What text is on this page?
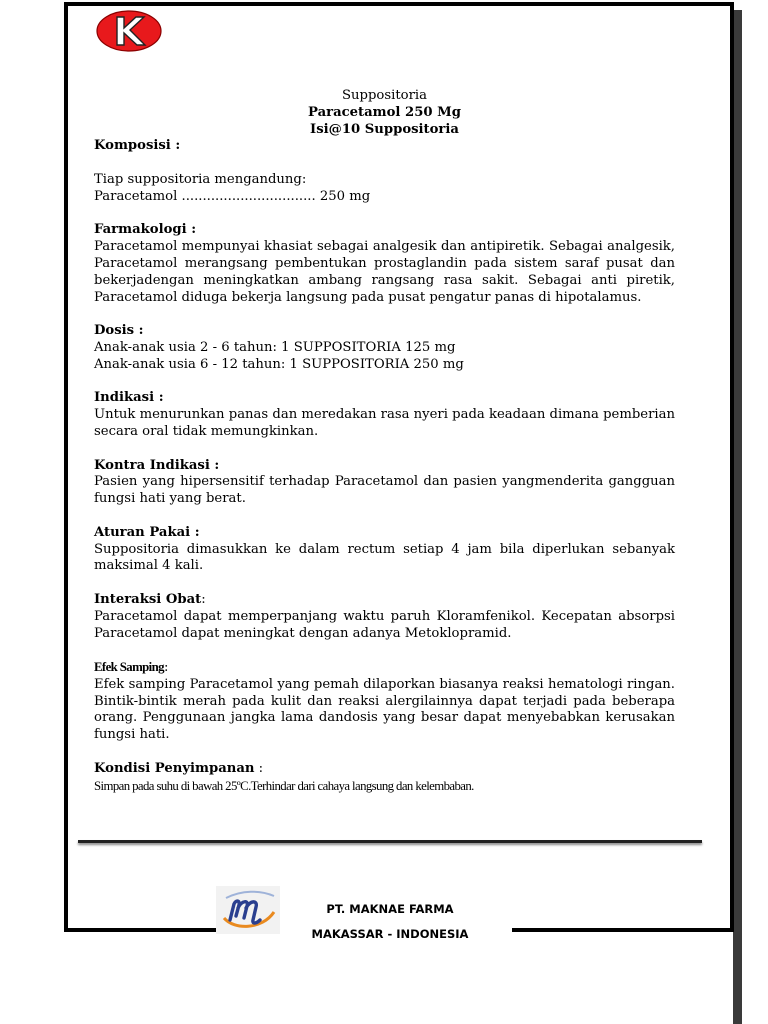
Suppositoria
Paracetamol 250 Mg
Isi@10 Suppositoria
Komposisi :
Tiap suppositoria mengandung:
Paracetamol ................................ 250 mg
Farmakologi :
Paracetamol mempunyai khasiat sebagai analgesik dan antipiretik. Sebagai analgesik, Paracetamol merangsang pembentukan prostaglandin pada sistem saraf pusat dan bekerjadengan meningkatkan ambang rangsang rasa sakit. Sebagai anti piretik, Paracetamol diduga bekerja langsung pada pusat pengatur panas di hipotalamus.
Dosis :
Anak-anak usia 2 - 6 tahun: 1 SUPPOSITORIA 125 mg
Anak-anak usia 6 - 12 tahun: 1 SUPPOSITORIA 250 mg
Indikasi :
Untuk menurunkan panas dan meredakan rasa nyeri pada keadaan dimana pemberian secara oral tidak memungkinkan.
Kontra Indikasi :
Pasien yang hipersensitif terhadap Paracetamol dan pasien yangmenderita gangguan fungsi hati yang berat.
Aturan Pakai :
Suppositoria dimasukkan ke dalam rectum setiap 4 jam bila diperlukan sebanyak maksimal 4 kali.
Interaksi Obat:
Paracetamol dapat memperpanjang waktu paruh Kloramfenikol. Kecepatan absorpsi Paracetamol dapat meningkat dengan adanya Metoklopramid.
Efek Samping:
Efek samping Paracetamol yang pemah dilaporkan biasanya reaksi hematologi ringan. Bintik-bintik merah pada kulit dan reaksi alergilainnya dapat terjadi pada beberapa orang. Penggunaan jangka lama dandosis yang besar dapat menyebabkan kerusakan fungsi hati.
Kondisi Penyimpanan :
Simpan pada suhu di bawah 25ºC.Terhindar dari cahaya langsung dan kelembaban.
PT. MAKNAE FARMA
MAKASSAR - INDONESIA
